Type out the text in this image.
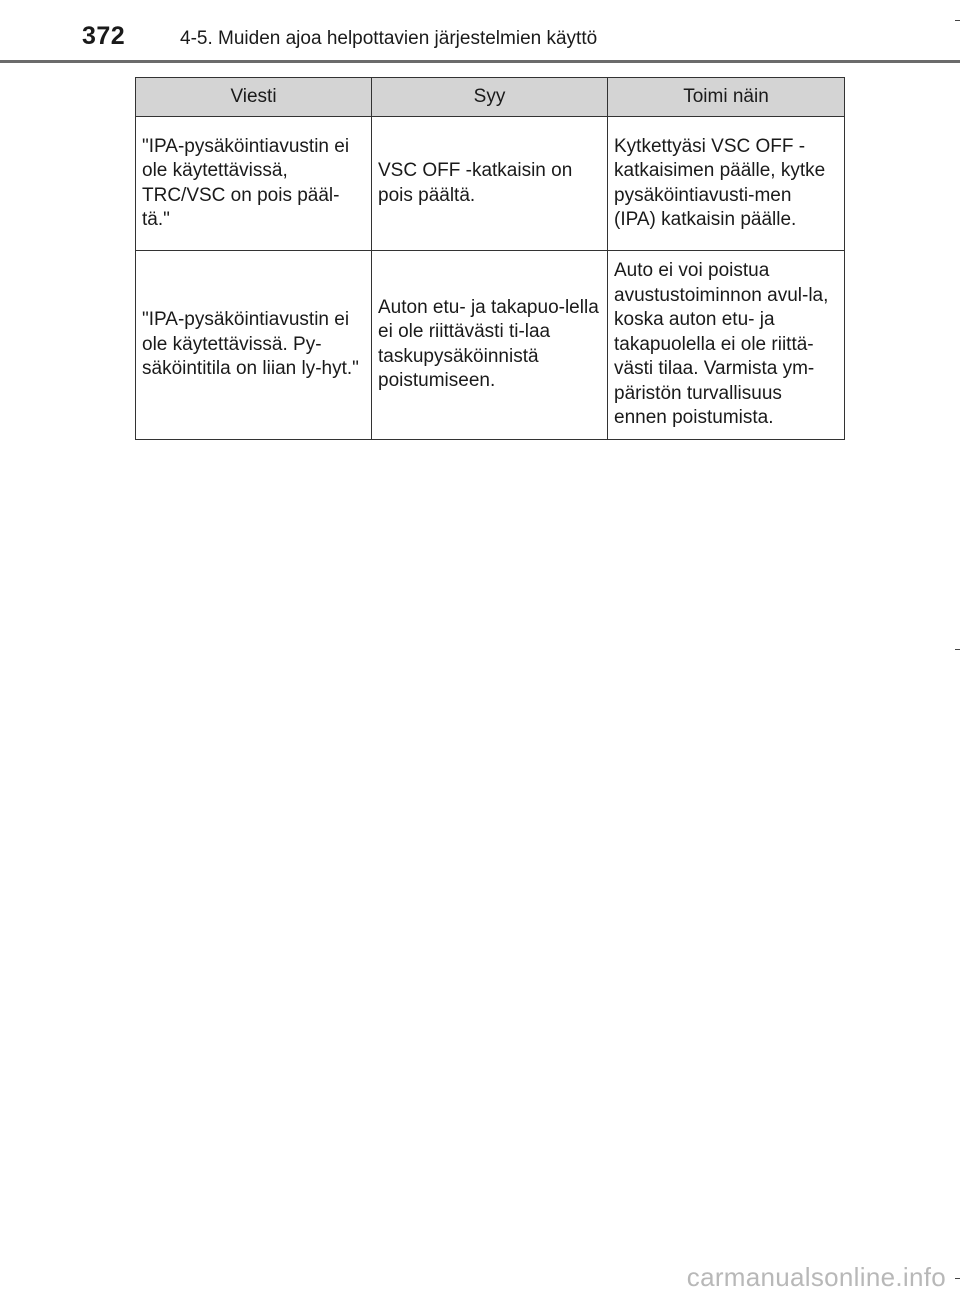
372	4-5. Muiden ajoa helpottavien järjestelmien käyttö
Viesti	Syy	Toimi näin
"IPA-pysäköintiavustin ei ole käytettävissä, TRC/VSC on pois pääl-tä."	VSC OFF -katkaisin on pois päältä.	Kytkettyäsi VSC OFF -katkaisimen päälle, kytke pysäköintiavusti-men (IPA) katkaisin päälle.
"IPA-pysäköintiavustin ei ole käytettävissä. Py-säköintitila on liian ly-hyt."	Auton etu- ja takapuo-lella ei ole riittävästi ti-laa taskupysäköinnistä poistumiseen.	Auto ei voi poistua avustustoiminnon avul-la, koska auton etu- ja takapuolella ei ole riittä-västi tilaa. Varmista ym-päristön turvallisuus ennen poistumista.
carmanualsonline.info
